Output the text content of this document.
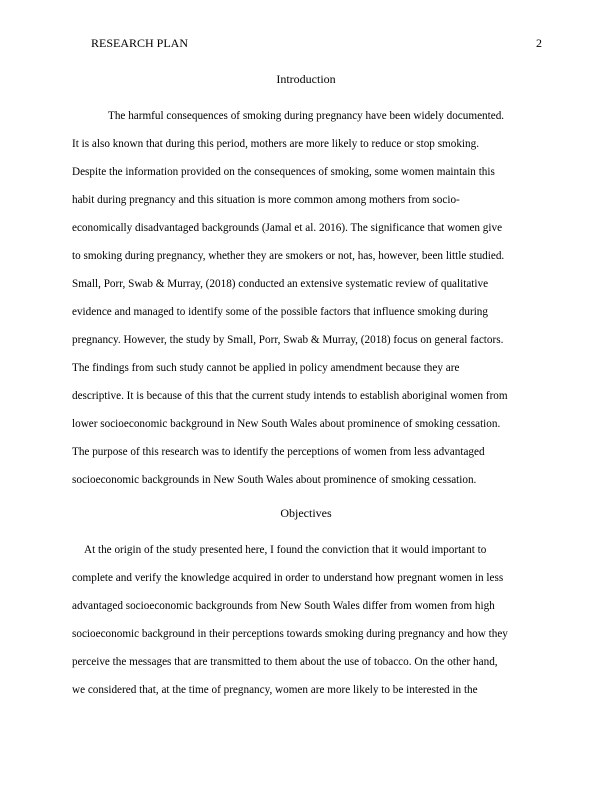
RESEARCH PLAN	2
Introduction
The harmful consequences of smoking during pregnancy have been widely documented.
It is also known that during this period, mothers are more likely to reduce or stop smoking.
Despite the information provided on the consequences of smoking, some women maintain this
habit during pregnancy and this situation is more common among mothers from socio-
economically disadvantaged backgrounds (Jamal et al. 2016). The significance that women give
to smoking during pregnancy, whether they are smokers or not, has, however, been little studied.
Small, Porr, Swab & Murray, (2018) conducted an extensive systematic review of qualitative
evidence and managed to identify some of the possible factors that influence smoking during
pregnancy. However, the study by Small, Porr, Swab & Murray, (2018) focus on general factors.
The findings from such study cannot be applied in policy amendment because they are
descriptive. It is because of this that the current study intends to establish aboriginal women from
lower socioeconomic background in New South Wales about prominence of smoking cessation.
The purpose of this research was to identify the perceptions of women from less advantaged
socioeconomic backgrounds in New South Wales about prominence of smoking cessation.
Objectives
At the origin of the study presented here, I found the conviction that it would important to
complete and verify the knowledge acquired in order to understand how pregnant women in less
advantaged socioeconomic backgrounds from New South Wales differ from women from high
socioeconomic background in their perceptions towards smoking during pregnancy and how they
perceive the messages that are transmitted to them about the use of tobacco. On the other hand,
we considered that, at the time of pregnancy, women are more likely to be interested in the
